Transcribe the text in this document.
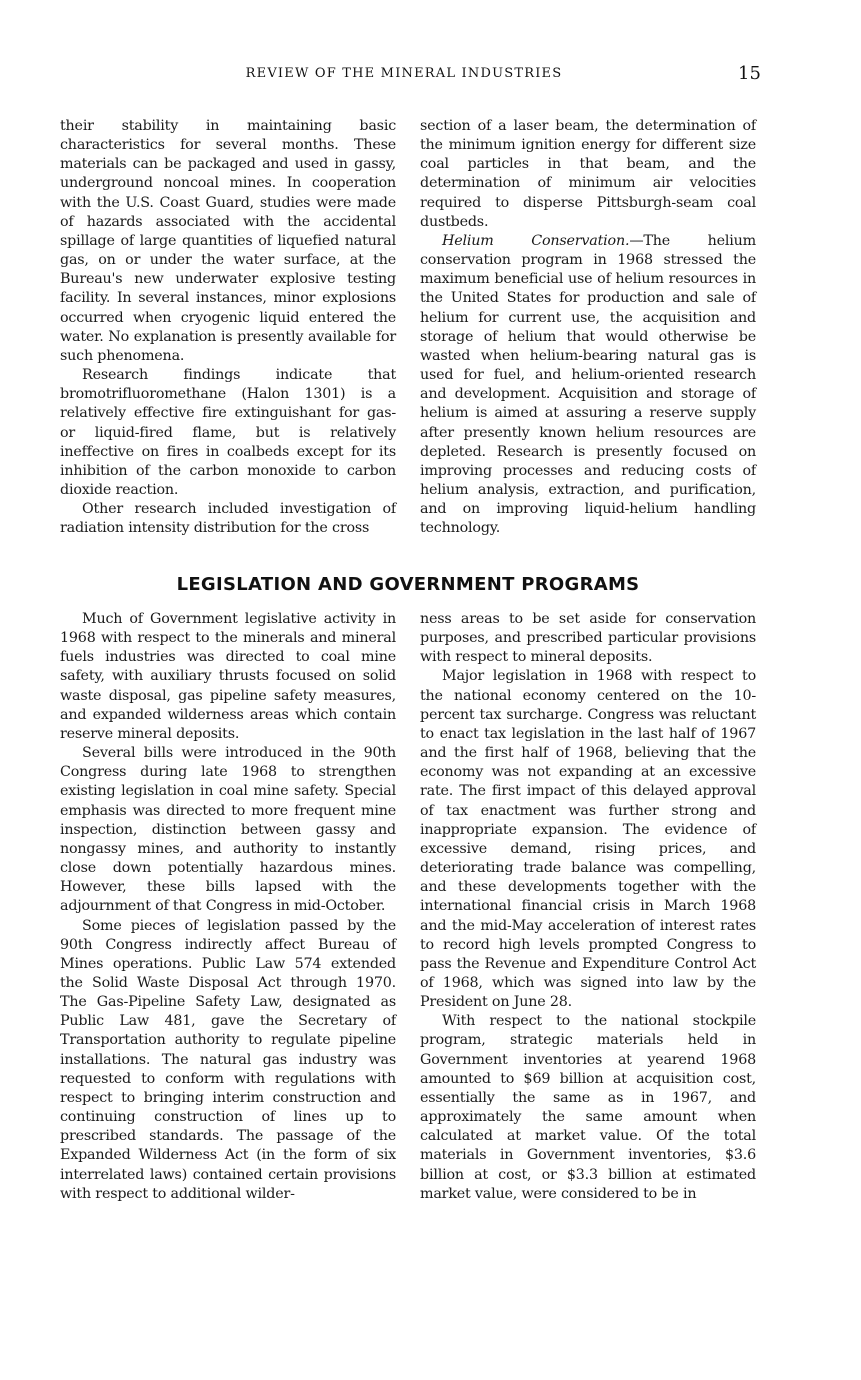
REVIEW OF THE MINERAL INDUSTRIES	15

their stability in maintaining basic characteristics for several months. These materials can be packaged and used in gassy, underground noncoal mines. In cooperation with the U.S. Coast Guard, studies were made of hazards associated with the accidental spillage of large quantities of liquefied natural gas, on or under the water surface, at the Bureau's new underwater explosive testing facility. In several instances, minor explosions occurred when cryogenic liquid entered the water. No explanation is presently available for such phenomena.

Research findings indicate that bromotrifluoromethane (Halon 1301) is a relatively effective fire extinguishant for gas- or liquid-fired flame, but is relatively ineffective on fires in coalbeds except for its inhibition of the carbon monoxide to carbon dioxide reaction.

Other research included investigation of radiation intensity distribution for the cross

section of a laser beam, the determination of the minimum ignition energy for different size coal particles in that beam, and the determination of minimum air velocities required to disperse Pittsburgh-seam coal dustbeds.

Helium Conservation.—The helium conservation program in 1968 stressed the maximum beneficial use of helium resources in the United States for production and sale of helium for current use, the acquisition and storage of helium that would otherwise be wasted when helium-bearing natural gas is used for fuel, and helium-oriented research and development. Acquisition and storage of helium is aimed at assuring a reserve supply after presently known helium resources are depleted. Research is presently focused on improving processes and reducing costs of helium analysis, extraction, and purification, and on improving liquid-helium handling technology.

LEGISLATION AND GOVERNMENT PROGRAMS

Much of Government legislative activity in 1968 with respect to the minerals and mineral fuels industries was directed to coal mine safety, with auxiliary thrusts focused on solid waste disposal, gas pipeline safety measures, and expanded wilderness areas which contain reserve mineral deposits.

Several bills were introduced in the 90th Congress during late 1968 to strengthen existing legislation in coal mine safety. Special emphasis was directed to more frequent mine inspection, distinction between gassy and nongassy mines, and authority to instantly close down potentially hazardous mines. However, these bills lapsed with the adjournment of that Congress in mid-October.

Some pieces of legislation passed by the 90th Congress indirectly affect Bureau of Mines operations. Public Law 574 extended the Solid Waste Disposal Act through 1970. The Gas-Pipeline Safety Law, designated as Public Law 481, gave the Secretary of Transportation authority to regulate pipeline installations. The natural gas industry was requested to conform with regulations with respect to bringing interim construction and continuing construction of lines up to prescribed standards. The passage of the Expanded Wilderness Act (in the form of six interrelated laws) contained certain provisions with respect to additional wilder-

ness areas to be set aside for conservation purposes, and prescribed particular provisions with respect to mineral deposits.

Major legislation in 1968 with respect to the national economy centered on the 10-percent tax surcharge. Congress was reluctant to enact tax legislation in the last half of 1967 and the first half of 1968, believing that the economy was not expanding at an excessive rate. The first impact of this delayed approval of tax enactment was further strong and inappropriate expansion. The evidence of excessive demand, rising prices, and deteriorating trade balance was compelling, and these developments together with the international financial crisis in March 1968 and the mid-May acceleration of interest rates to record high levels prompted Congress to pass the Revenue and Expenditure Control Act of 1968, which was signed into law by the President on June 28.

With respect to the national stockpile program, strategic materials held in Government inventories at yearend 1968 amounted to $69 billion at acquisition cost, essentially the same as in 1967, and approximately the same amount when calculated at market value. Of the total materials in Government inventories, $3.6 billion at cost, or $3.3 billion at estimated market value, were considered to be in
